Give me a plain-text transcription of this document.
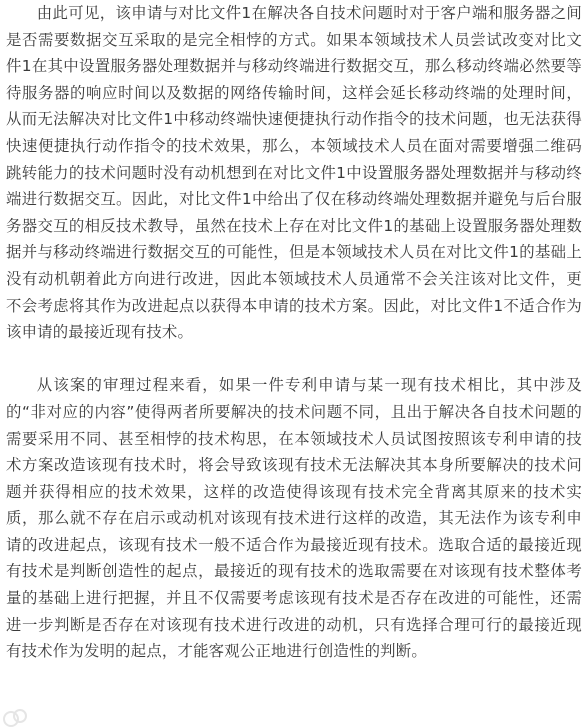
由此可见，该申请与对比文件1在解决各自技术问题时对于客户端和服务器之间是否需要数据交互采取的是完全相悖的方式。如果本领域技术人员尝试改变对比文件1在其中设置服务器处理数据并与移动终端进行数据交互，那么移动终端必然要等待服务器的响应时间以及数据的网络传输时间，这样会延长移动终端的处理时间，从而无法解决对比文件1中移动终端快速便捷执行动作指令的技术问题，也无法获得快速便捷执行动作指令的技术效果，那么，本领域技术人员在面对需要增强二维码跳转能力的技术问题时没有动机想到在对比文件1中设置服务器处理数据并与移动终端进行数据交互。因此，对比文件1中给出了仅在移动终端处理数据并避免与后台服务器交互的相反技术教导，虽然在技术上存在对比文件1的基础上设置服务器处理数据并与移动终端进行数据交互的可能性，但是本领域技术人员在对比文件1的基础上没有动机朝着此方向进行改进，因此本领域技术人员通常不会关注该对比文件，更不会考虑将其作为改进起点以获得本申请的技术方案。因此，对比文件1不适合作为该申请的最接近现有技术。

从该案的审理过程来看，如果一件专利申请与某一现有技术相比，其中涉及的“非对应的内容”使得两者所要解决的技术问题不同，且出于解决各自技术问题的需要采用不同、甚至相悖的技术构思，在本领域技术人员试图按照该专利申请的技术方案改造该现有技术时，将会导致该现有技术无法解决其本身所要解决的技术问题并获得相应的技术效果，这样的改造使得该现有技术完全背离其原来的技术实质，那么就不存在启示或动机对该现有技术进行这样的改造，其无法作为该专利申请的改进起点，该现有技术一般不适合作为最接近现有技术。选取合适的最接近现有技术是判断创造性的起点，最接近的现有技术的选取需要在对该现有技术整体考量的基础上进行把握，并且不仅需要考虑该现有技术是否存在改进的可能性，还需进一步判断是否存在对该现有技术进行改进的动机，只有选择合理可行的最接近现有技术作为发明的起点，才能客观公正地进行创造性的判断。
